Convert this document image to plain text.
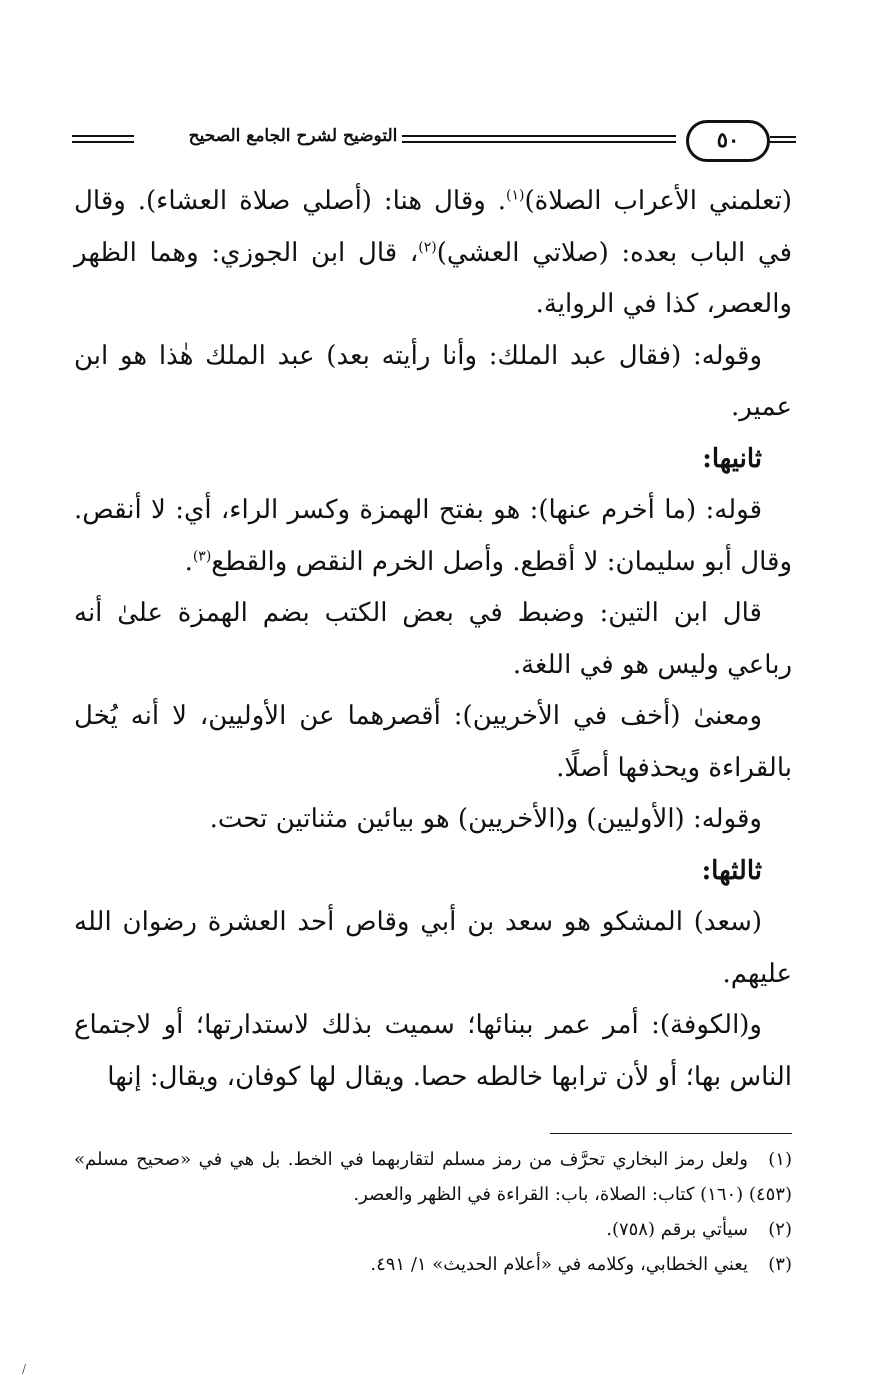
التوضيح لشرح الجامع الصحيح	٥٠

(تعلمني الأعراب الصلاة)$^{(١)}$. وقال هنا: (أصلي صلاة العشاء). وقال في الباب بعده: (صلاتي العشي)$^{(٢)}$، قال ابن الجوزي: وهما الظهر والعصر، كذا في الرواية.

وقوله: (فقال عبد الملك: وأنا رأيته بعد) عبد الملك هٰذا هو ابن عمير.

ثانيها:

قوله: (ما أخرم عنها): هو بفتح الهمزة وكسر الراء، أي: لا أنقص. وقال أبو سليمان: لا أقطع. وأصل الخرم النقص والقطع$^{(٣)}$.

قال ابن التين: وضبط في بعض الكتب بضم الهمزة علىٰ أنه رباعي وليس هو في اللغة.

ومعنىٰ (أخف في الأخريين): أقصرهما عن الأوليين، لا أنه يُخل بالقراءة ويحذفها أصلًا.

وقوله: (الأوليين) و(الأخريين) هو بيائين مثناتين تحت.

ثالثها:

(سعد) المشكو هو سعد بن أبي وقاص أحد العشرة رضوان الله عليهم.

و(الكوفة): أمر عمر ببنائها؛ سميت بذلك لاستدارتها؛ أو لاجتماع الناس بها؛ أو لأن ترابها خالطه حصا. ويقال لها كوفان، ويقال: إنها

(١)ولعل رمز البخاري تحرَّف من رمز مسلم لتقاربهما في الخط. بل هي في «صحيح مسلم» (٤٥٣) (١٦٠) كتاب: الصلاة، باب: القراءة في الظهر والعصر.

(٢)سيأتي برقم (٧٥٨).

(٣)يعني الخطابي، وكلامه في «أعلام الحديث» ١/ ٤٩١.

/
